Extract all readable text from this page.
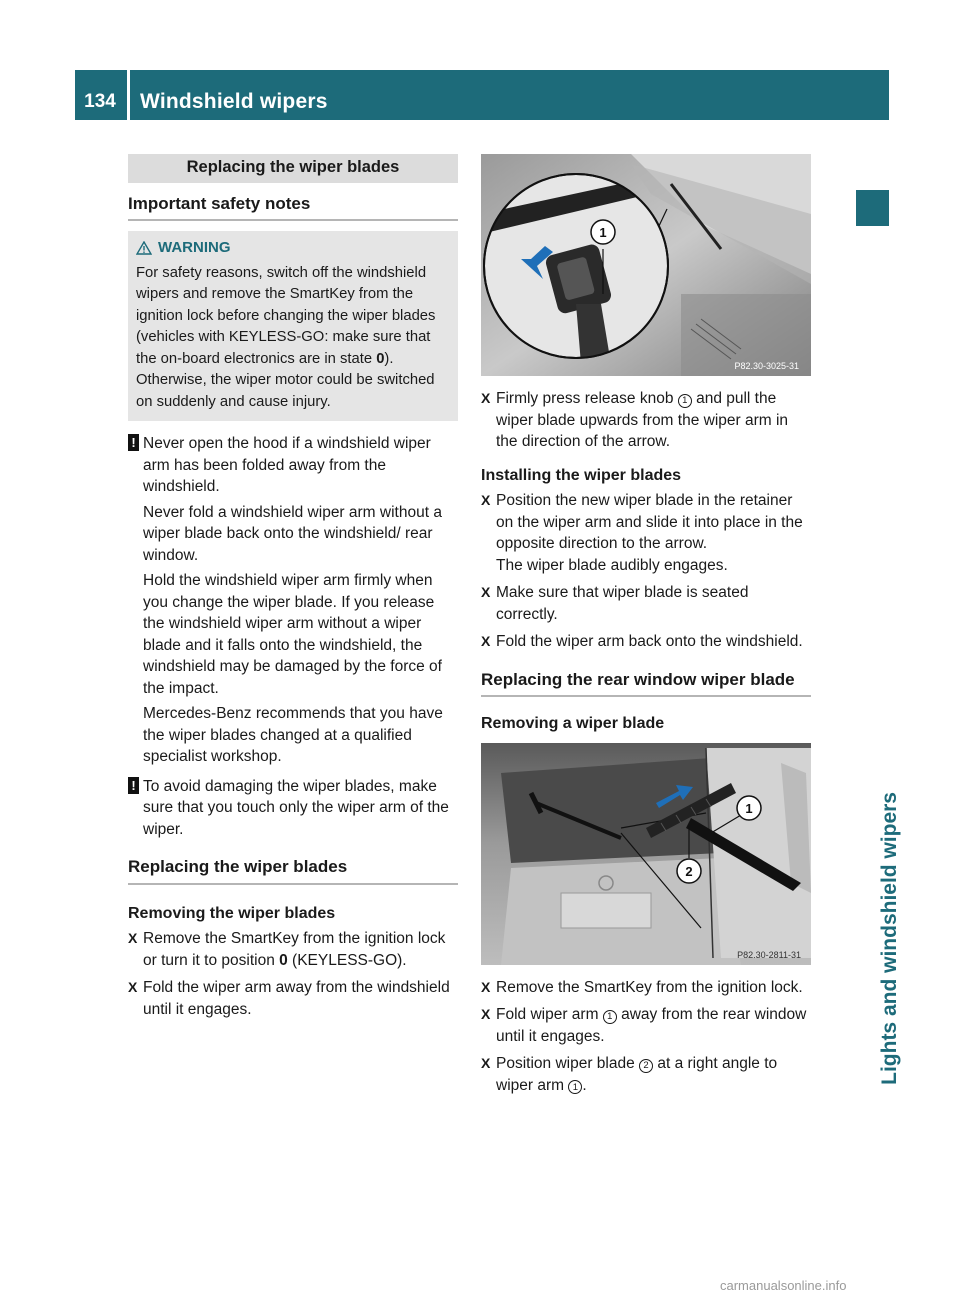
134	Windshield wipers
Lights and windshield wipers
Replacing the wiper blades
Important safety notes
WARNING
For safety reasons, switch off the windshield wipers and remove the SmartKey from the ignition lock before changing the wiper blades (vehicles with KEYLESS-GO: make sure that the on-board electronics are in state 0). Otherwise, the wiper motor could be switched on suddenly and cause injury.
! Never open the hood if a windshield wiper arm has been folded away from the windshield.

Never fold a windshield wiper arm without a wiper blade back onto the windshield/ rear window.

Hold the windshield wiper arm firmly when you change the wiper blade. If you release the windshield wiper arm without a wiper blade and it falls onto the windshield, the windshield may be damaged by the force of the impact.

Mercedes-Benz recommends that you have the wiper blades changed at a qualified specialist workshop.

! To avoid damaging the wiper blades, make sure that you touch only the wiper arm of the wiper.

Replacing the wiper blades
Removing the wiper blades
X Remove the SmartKey from the ignition lock or turn it to position 0 (KEYLESS-GO).
X Fold the wiper arm away from the windshield until it engages.
1
P82.30-3025-31
X Firmly press release knob 1 and pull the wiper blade upwards from the wiper arm in the direction of the arrow.
Installing the wiper blades
X Position the new wiper blade in the retainer on the wiper arm and slide it into place in the opposite direction to the arrow.
The wiper blade audibly engages.
X Make sure that wiper blade is seated correctly.
X Fold the wiper arm back onto the windshield.
Replacing the rear window wiper blade
Removing a wiper blade
1
2
P82.30-2811-31
X Remove the SmartKey from the ignition lock.
X Fold wiper arm 1 away from the rear window until it engages.
X Position wiper blade 2 at a right angle to wiper arm 1 .
carmanualsonline.info
